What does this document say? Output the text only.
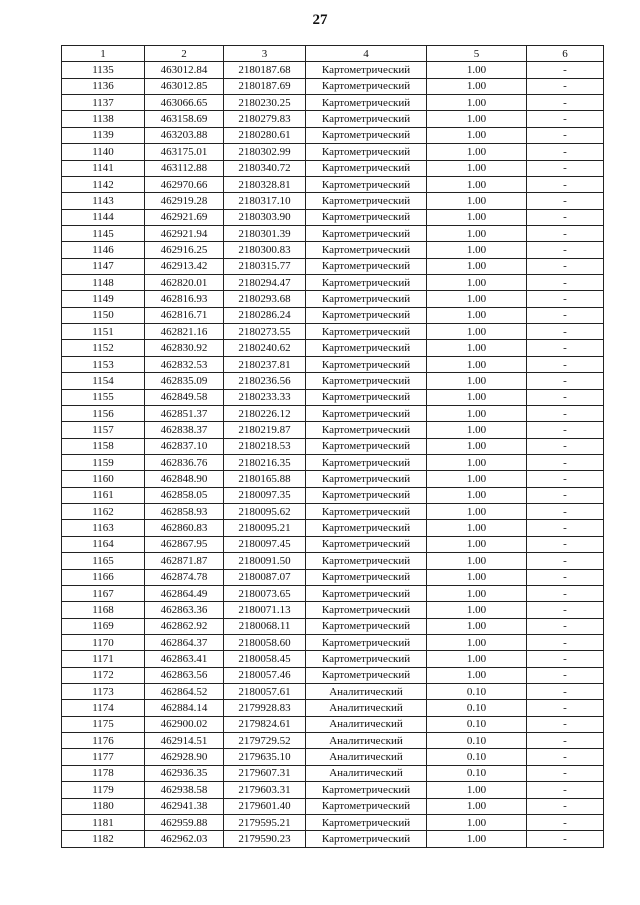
27
1	2	3	4	5	6
1135	463012.84	2180187.68	Картометрический	1.00	-
1136	463012.85	2180187.69	Картометрический	1.00	-
1137	463066.65	2180230.25	Картометрический	1.00	-
1138	463158.69	2180279.83	Картометрический	1.00	-
1139	463203.88	2180280.61	Картометрический	1.00	-
1140	463175.01	2180302.99	Картометрический	1.00	-
1141	463112.88	2180340.72	Картометрический	1.00	-
1142	462970.66	2180328.81	Картометрический	1.00	-
1143	462919.28	2180317.10	Картометрический	1.00	-
1144	462921.69	2180303.90	Картометрический	1.00	-
1145	462921.94	2180301.39	Картометрический	1.00	-
1146	462916.25	2180300.83	Картометрический	1.00	-
1147	462913.42	2180315.77	Картометрический	1.00	-
1148	462820.01	2180294.47	Картометрический	1.00	-
1149	462816.93	2180293.68	Картометрический	1.00	-
1150	462816.71	2180286.24	Картометрический	1.00	-
1151	462821.16	2180273.55	Картометрический	1.00	-
1152	462830.92	2180240.62	Картометрический	1.00	-
1153	462832.53	2180237.81	Картометрический	1.00	-
1154	462835.09	2180236.56	Картометрический	1.00	-
1155	462849.58	2180233.33	Картометрический	1.00	-
1156	462851.37	2180226.12	Картометрический	1.00	-
1157	462838.37	2180219.87	Картометрический	1.00	-
1158	462837.10	2180218.53	Картометрический	1.00	-
1159	462836.76	2180216.35	Картометрический	1.00	-
1160	462848.90	2180165.88	Картометрический	1.00	-
1161	462858.05	2180097.35	Картометрический	1.00	-
1162	462858.93	2180095.62	Картометрический	1.00	-
1163	462860.83	2180095.21	Картометрический	1.00	-
1164	462867.95	2180097.45	Картометрический	1.00	-
1165	462871.87	2180091.50	Картометрический	1.00	-
1166	462874.78	2180087.07	Картометрический	1.00	-
1167	462864.49	2180073.65	Картометрический	1.00	-
1168	462863.36	2180071.13	Картометрический	1.00	-
1169	462862.92	2180068.11	Картометрический	1.00	-
1170	462864.37	2180058.60	Картометрический	1.00	-
1171	462863.41	2180058.45	Картометрический	1.00	-
1172	462863.56	2180057.46	Картометрический	1.00	-
1173	462864.52	2180057.61	Аналитический	0.10	-
1174	462884.14	2179928.83	Аналитический	0.10	-
1175	462900.02	2179824.61	Аналитический	0.10	-
1176	462914.51	2179729.52	Аналитический	0.10	-
1177	462928.90	2179635.10	Аналитический	0.10	-
1178	462936.35	2179607.31	Аналитический	0.10	-
1179	462938.58	2179603.31	Картометрический	1.00	-
1180	462941.38	2179601.40	Картометрический	1.00	-
1181	462959.88	2179595.21	Картометрический	1.00	-
1182	462962.03	2179590.23	Картометрический	1.00	-
